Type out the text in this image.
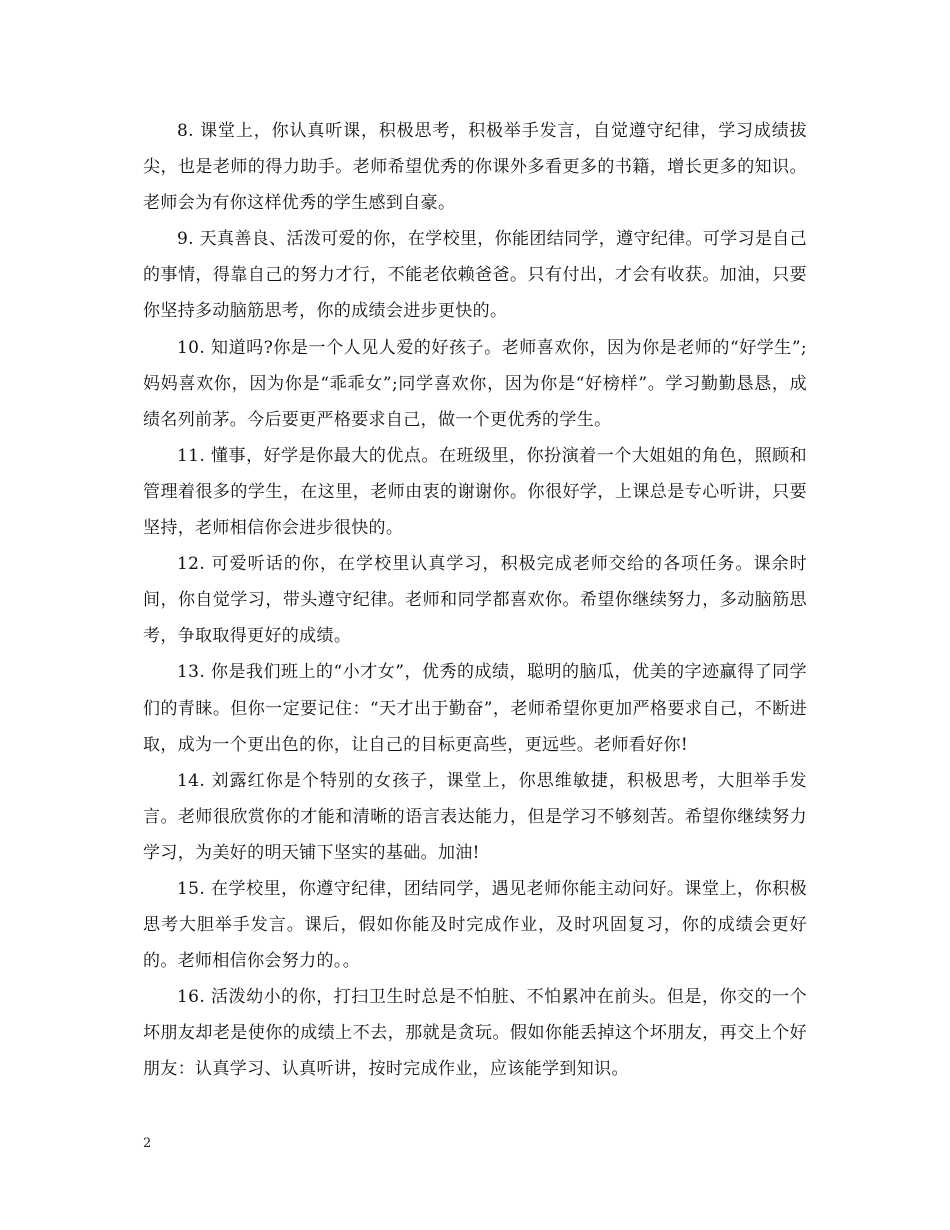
8. 课堂上，你认真听课，积极思考，积极举手发言，自觉遵守纪律，学习成绩拔尖，也是老师的得力助手。老师希望优秀的你课外多看更多的书籍，增长更多的知识。老师会为有你这样优秀的学生感到自豪。

9. 天真善良、活泼可爱的你，在学校里，你能团结同学，遵守纪律。可学习是自己的事情，得靠自己的努力才行，不能老依赖爸爸。只有付出，才会有收获。加油，只要你坚持多动脑筋思考，你的成绩会进步更快的。

10. 知道吗?你是一个人见人爱的好孩子。老师喜欢你，因为你是老师的“好学生”;妈妈喜欢你，因为你是“乖乖女”;同学喜欢你，因为你是“好榜样”。学习勤勤恳恳，成绩名列前茅。今后要更严格要求自己，做一个更优秀的学生。

11. 懂事，好学是你最大的优点。在班级里，你扮演着一个大姐姐的角色，照顾和管理着很多的学生，在这里，老师由衷的谢谢你。你很好学，上课总是专心听讲，只要坚持，老师相信你会进步很快的。

12. 可爱听话的你，在学校里认真学习，积极完成老师交给的各项任务。课余时间，你自觉学习，带头遵守纪律。老师和同学都喜欢你。希望你继续努力，多动脑筋思考，争取取得更好的成绩。

13. 你是我们班上的“小才女”，优秀的成绩，聪明的脑瓜，优美的字迹赢得了同学们的青睐。但你一定要记住：“天才出于勤奋”，老师希望你更加严格要求自己，不断进取，成为一个更出色的你，让自己的目标更高些，更远些。老师看好你!

14. 刘露红你是个特别的女孩子，课堂上，你思维敏捷，积极思考，大胆举手发言。老师很欣赏你的才能和清晰的语言表达能力，但是学习不够刻苦。希望你继续努力学习，为美好的明天铺下坚实的基础。加油!

15. 在学校里，你遵守纪律，团结同学，遇见老师你能主动问好。课堂上，你积极思考大胆举手发言。课后，假如你能及时完成作业，及时巩固复习，你的成绩会更好的。老师相信你会努力的。。

16. 活泼幼小的你，打扫卫生时总是不怕脏、不怕累冲在前头。但是，你交的一个坏朋友却老是使你的成绩上不去，那就是贪玩。假如你能丢掉这个坏朋友，再交上个好朋友：认真学习、认真听讲，按时完成作业，应该能学到知识。

2
